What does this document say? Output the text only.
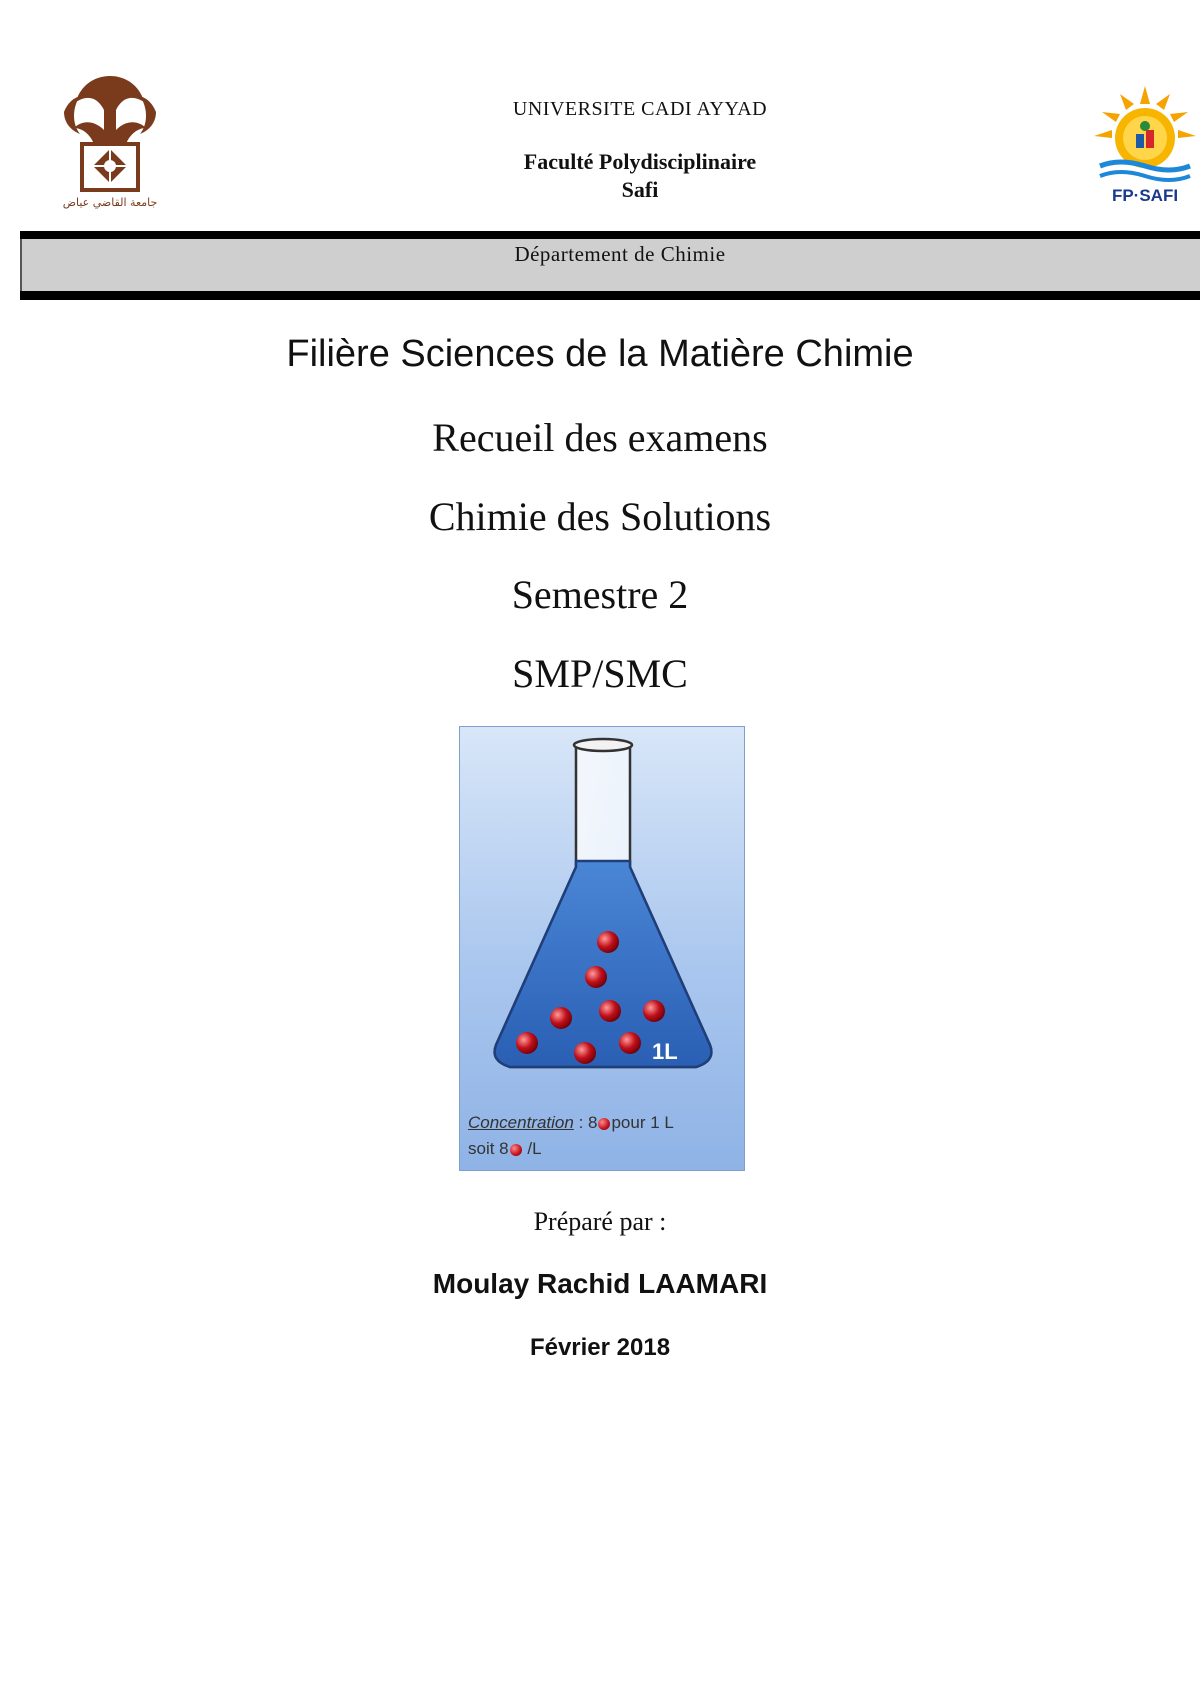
جامعة القاضي عياض
UNIVERSITE CADI AYYAD
Faculté Polydisciplinaire
Safi	FP·SAFI
Département de Chimie
Filière Sciences de la Matière Chimie
Recueil des examens
Chimie des Solutions
Semestre 2
SMP/SMC
1L
Concentration : 8 pour 1 L
soit 8 /L
Préparé par :
Moulay Rachid LAAMARI
Février 2018
